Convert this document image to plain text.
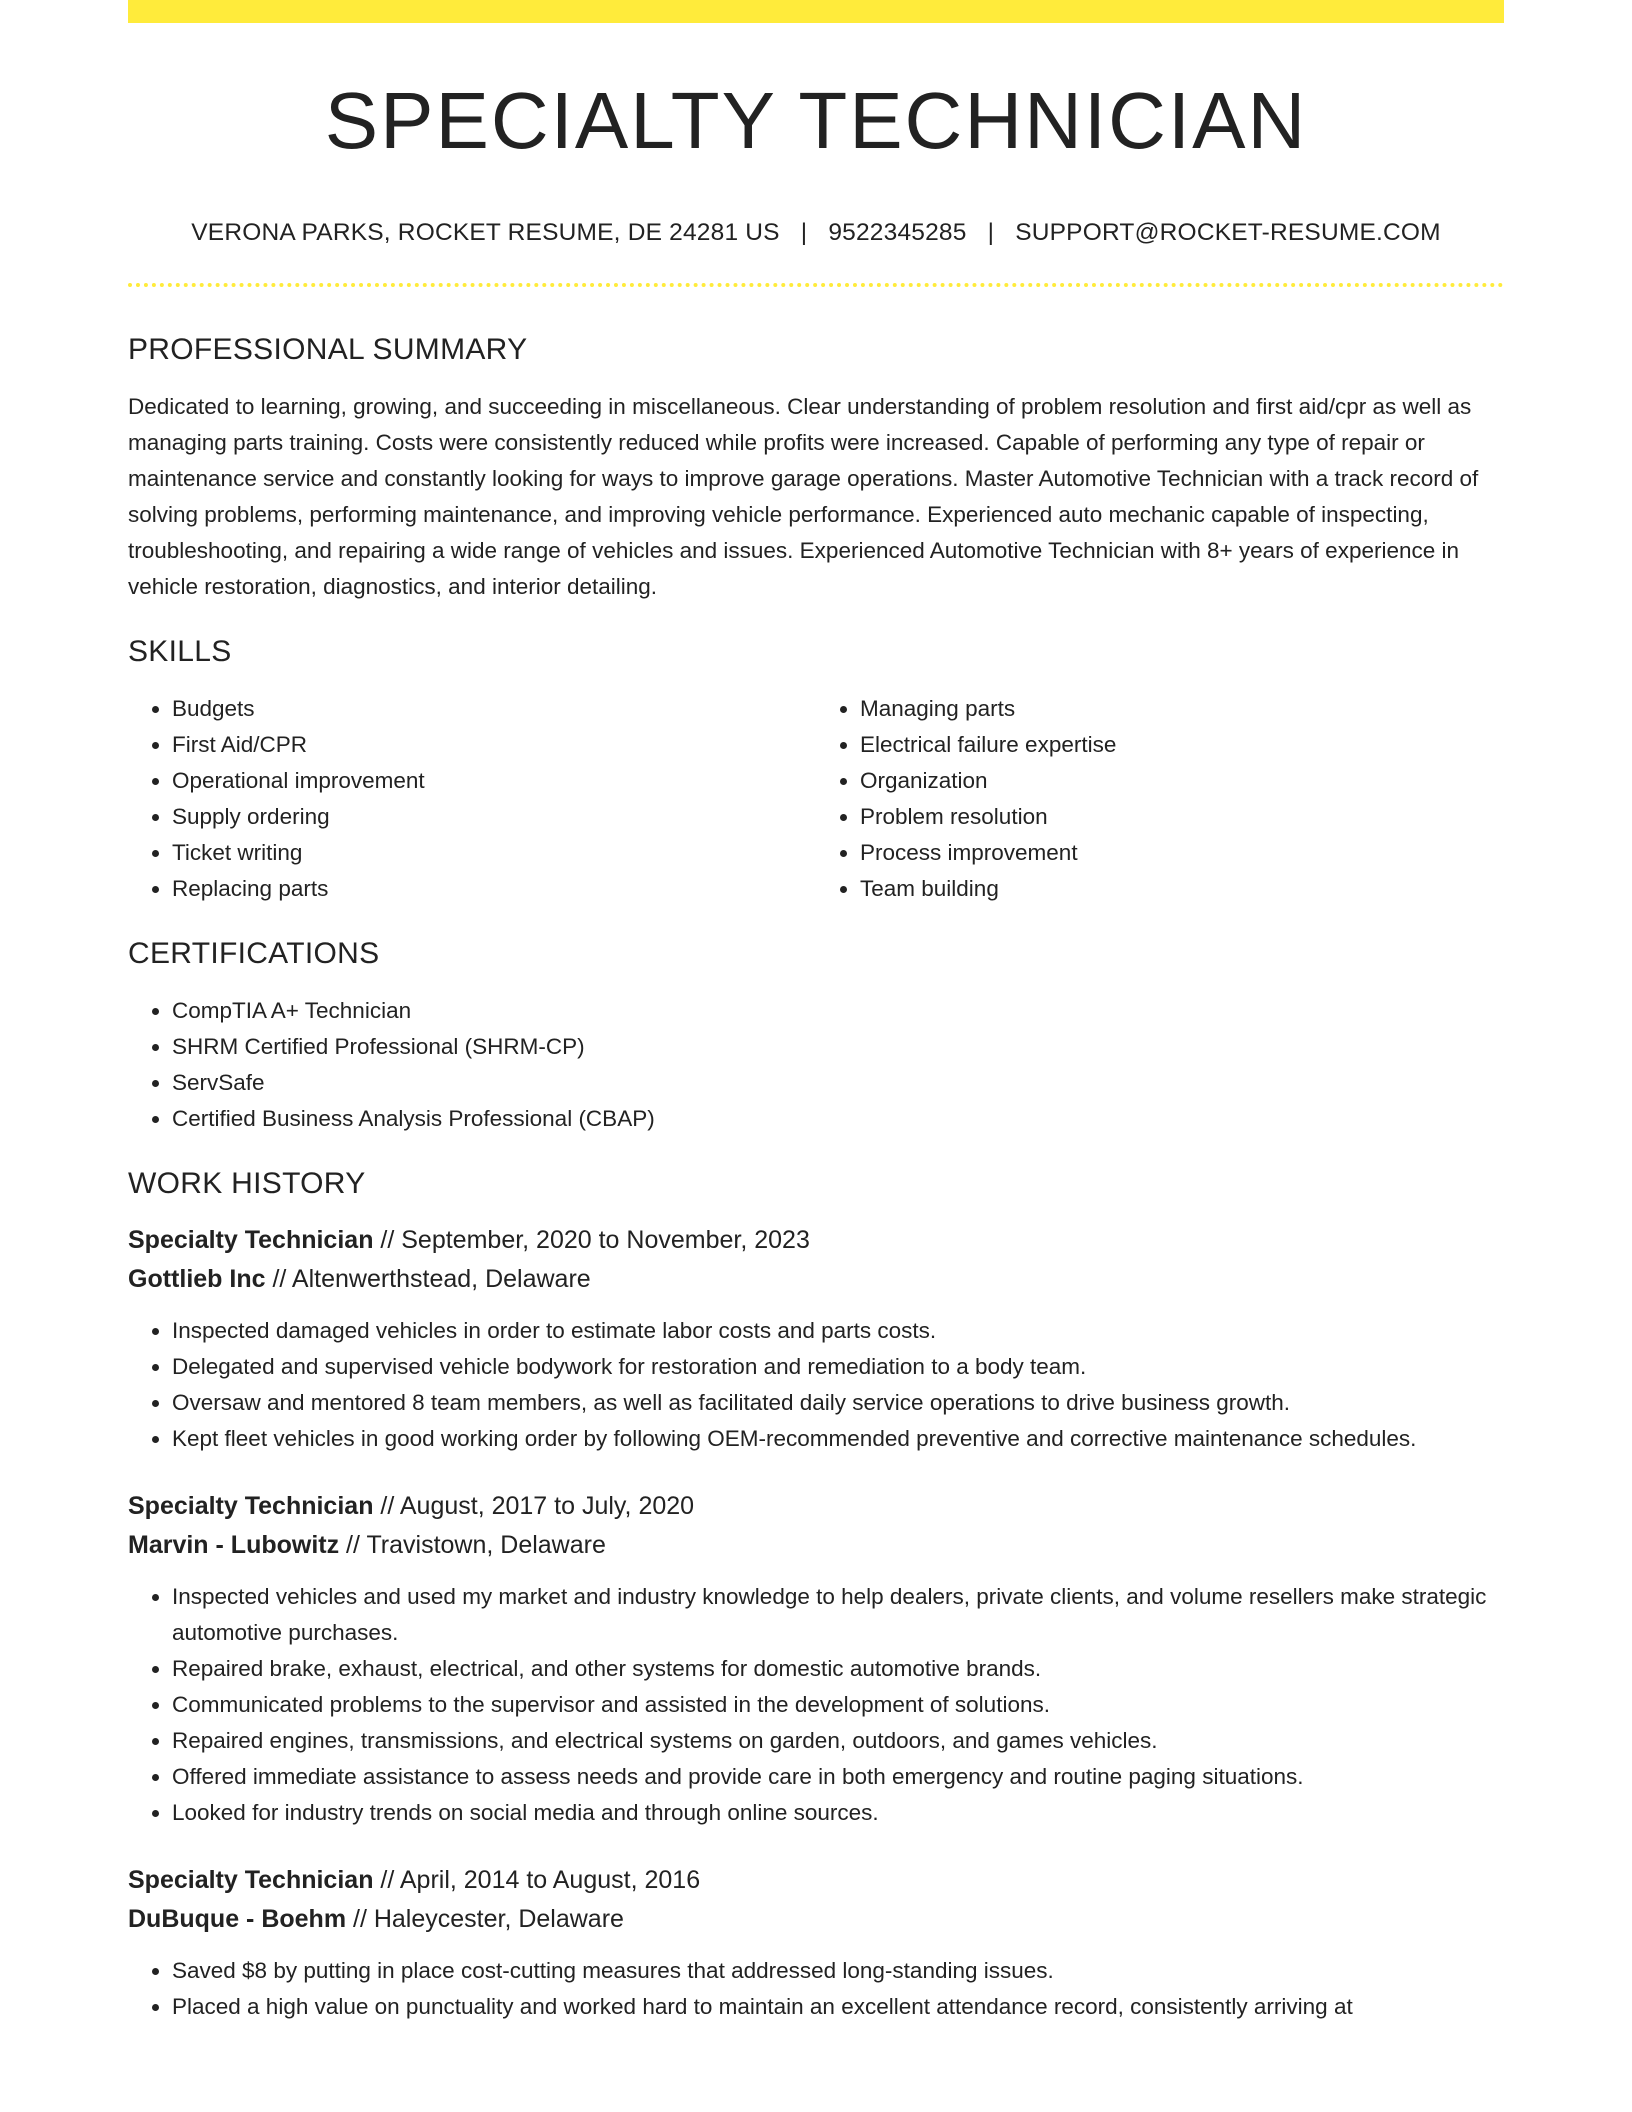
SPECIALTY TECHNICIAN
VERONA PARKS, ROCKET RESUME, DE 24281 US | 9522345285 | SUPPORT@ROCKET-RESUME.COM
PROFESSIONAL SUMMARY

Dedicated to learning, growing, and succeeding in miscellaneous. Clear understanding of problem resolution and first aid/cpr as well as managing parts training. Costs were consistently reduced while profits were increased. Capable of performing any type of repair or maintenance service and constantly looking for ways to improve garage operations. Master Automotive Technician with a track record of solving problems, performing maintenance, and improving vehicle performance. Experienced auto mechanic capable of inspecting, troubleshooting, and repairing a wide range of vehicles and issues. Experienced Automotive Technician with 8+ years of experience in vehicle restoration, diagnostics, and interior detailing.

SKILLS
• Budgets
• First Aid/CPR
• Operational improvement
• Supply ordering
• Ticket writing
• Replacing parts
• Managing parts
• Electrical failure expertise
• Organization
• Problem resolution
• Process improvement
• Team building
CERTIFICATIONS
• CompTIA A+ Technician
• SHRM Certified Professional (SHRM-CP)
• ServSafe
• Certified Business Analysis Professional (CBAP)
WORK HISTORY
Specialty Technician // September, 2020 to November, 2023
Gottlieb Inc // Altenwerthstead, Delaware
• Inspected damaged vehicles in order to estimate labor costs and parts costs.
• Delegated and supervised vehicle bodywork for restoration and remediation to a body team.
• Oversaw and mentored 8 team members, as well as facilitated daily service operations to drive business growth.
• Kept fleet vehicles in good working order by following OEM-recommended preventive and corrective maintenance schedules.
Specialty Technician // August, 2017 to July, 2020
Marvin - Lubowitz // Travistown, Delaware
• Inspected vehicles and used my market and industry knowledge to help dealers, private clients, and volume resellers make strategic automotive purchases.
• Repaired brake, exhaust, electrical, and other systems for domestic automotive brands.
• Communicated problems to the supervisor and assisted in the development of solutions.
• Repaired engines, transmissions, and electrical systems on garden, outdoors, and games vehicles.
• Offered immediate assistance to assess needs and provide care in both emergency and routine paging situations.
• Looked for industry trends on social media and through online sources.
Specialty Technician // April, 2014 to August, 2016
DuBuque - Boehm // Haleycester, Delaware
• Saved $8 by putting in place cost-cutting measures that addressed long-standing issues.
• Placed a high value on punctuality and worked hard to maintain an excellent attendance record, consistently arriving at
